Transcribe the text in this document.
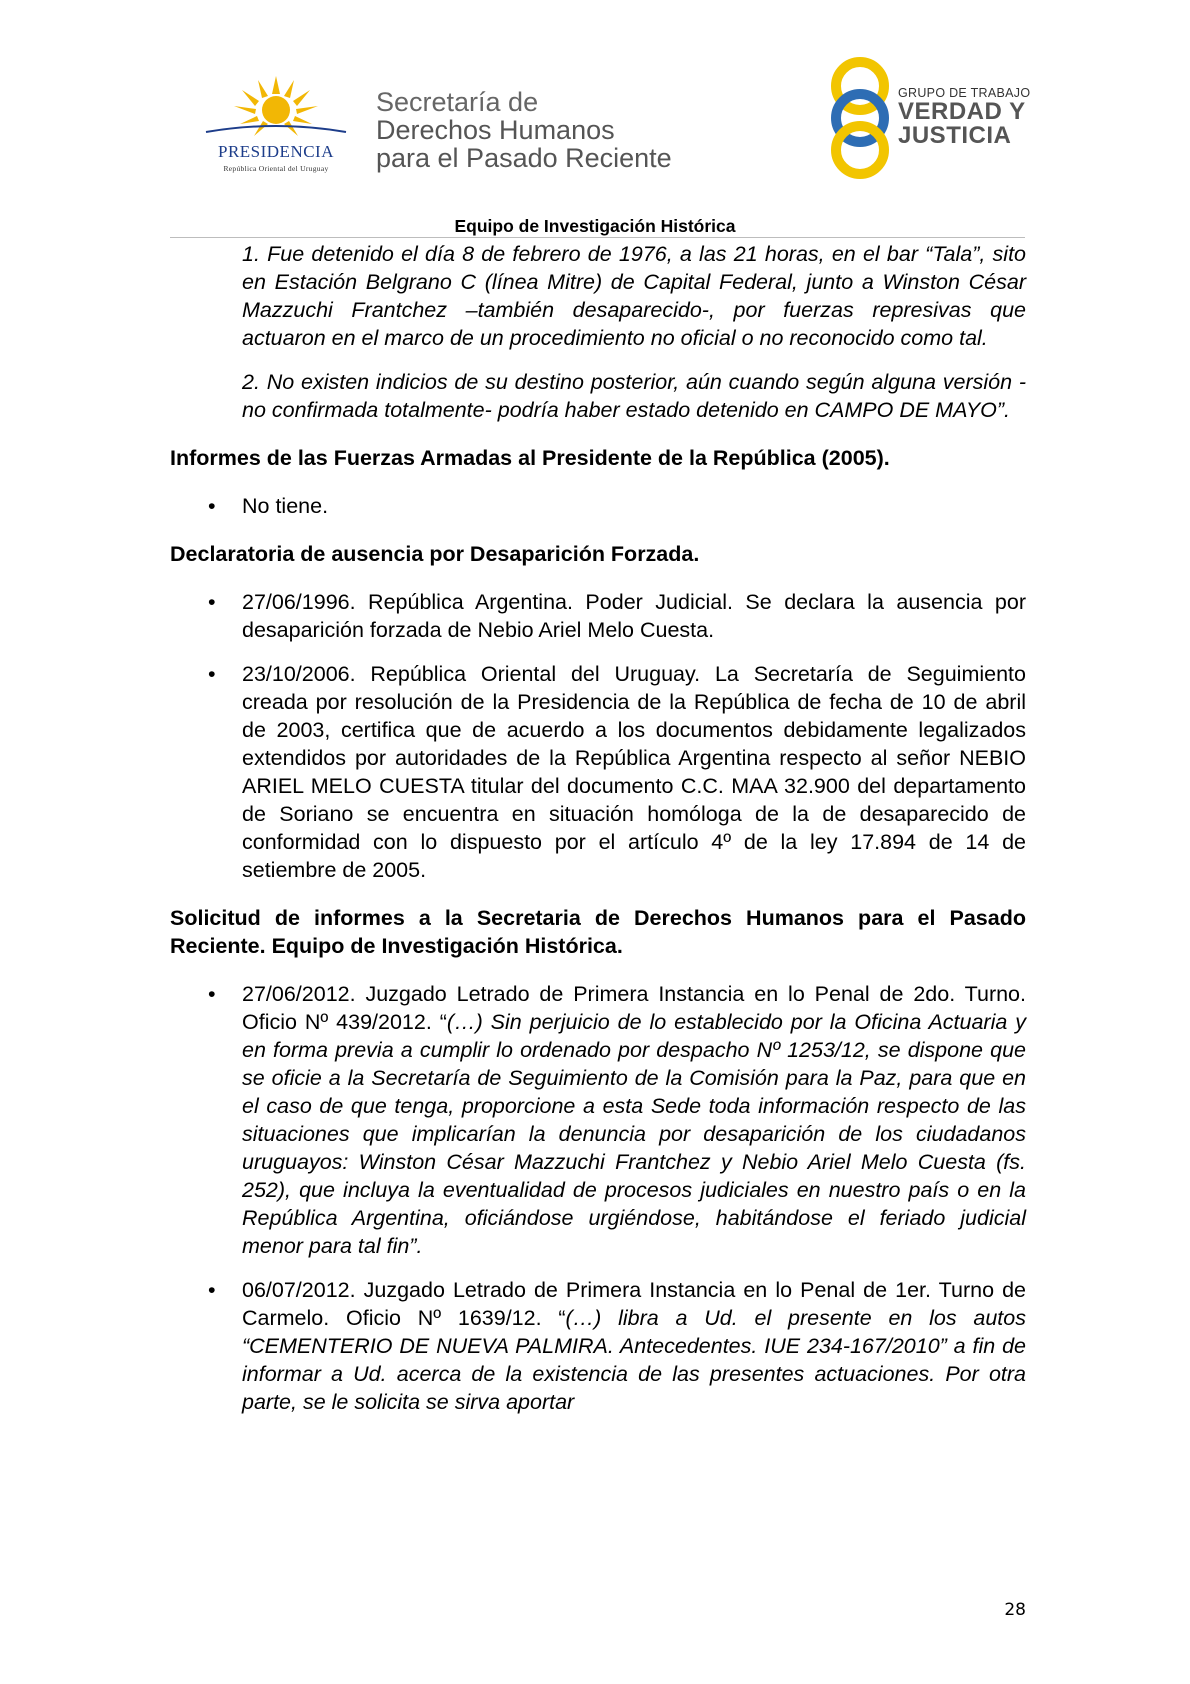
PRESIDENCIA
República Oriental del Uruguay
Secretaría de
Derechos Humanos
para el Pasado Reciente
GRUPO DE TRABAJO
VERDAD Y
JUSTICIA
Equipo de Investigación Histórica

1. Fue detenido el día 8 de febrero de 1976, a las 21 horas, en el bar “Tala”, sito en Estación Belgrano C (línea Mitre) de Capital Federal, junto a Winston César Mazzuchi Frantchez –también desaparecido-, por fuerzas represivas que actuaron en el marco de un procedimiento no oficial o no reconocido como tal.

2. No existen indicios de su destino posterior, aún cuando según alguna versión -no confirmada totalmente- podría haber estado detenido en CAMPO DE MAYO”.

Informes de las Fuerzas Armadas al Presidente de la República (2005).

• No tiene.

Declaratoria de ausencia por Desaparición Forzada.

• 27/06/1996. República Argentina. Poder Judicial. Se declara la ausencia por desaparición forzada de Nebio Ariel Melo Cuesta.
• 23/10/2006. República Oriental del Uruguay. La Secretaría de Seguimiento creada por resolución de la Presidencia de la República de fecha de 10 de abril de 2003, certifica que de acuerdo a los documentos debidamente legalizados extendidos por autoridades de la República Argentina respecto al señor NEBIO ARIEL MELO CUESTA titular del documento C.C. MAA 32.900 del departamento de Soriano se encuentra en situación homóloga de la de desaparecido de conformidad con lo dispuesto por el artículo 4º de la ley 17.894 de 14 de setiembre de 2005.

Solicitud de informes a la Secretaria de Derechos Humanos para el Pasado Reciente. Equipo de Investigación Histórica.

• 27/06/2012. Juzgado Letrado de Primera Instancia en lo Penal de 2do. Turno. Oficio Nº 439/2012. “(…) Sin perjuicio de lo establecido por la Oficina Actuaria y en forma previa a cumplir lo ordenado por despacho Nº 1253/12, se dispone que se oficie a la Secretaría de Seguimiento de la Comisión para la Paz, para que en el caso de que tenga, proporcione a esta Sede toda información respecto de las situaciones que implicarían la denuncia por desaparición de los ciudadanos uruguayos: Winston César Mazzuchi Frantchez y Nebio Ariel Melo Cuesta (fs. 252), que incluya la eventualidad de procesos judiciales en nuestro país o en la República Argentina, oficiándose urgiéndose, habitándose el feriado judicial menor para tal fin”.
• 06/07/2012. Juzgado Letrado de Primera Instancia en lo Penal de 1er. Turno de Carmelo. Oficio Nº 1639/12. “(…) libra a Ud. el presente en los autos “CEMENTERIO DE NUEVA PALMIRA. Antecedentes. IUE 234-167/2010” a fin de informar a Ud. acerca de la existencia de las presentes actuaciones. Por otra parte, se le solicita se sirva aportar
28
